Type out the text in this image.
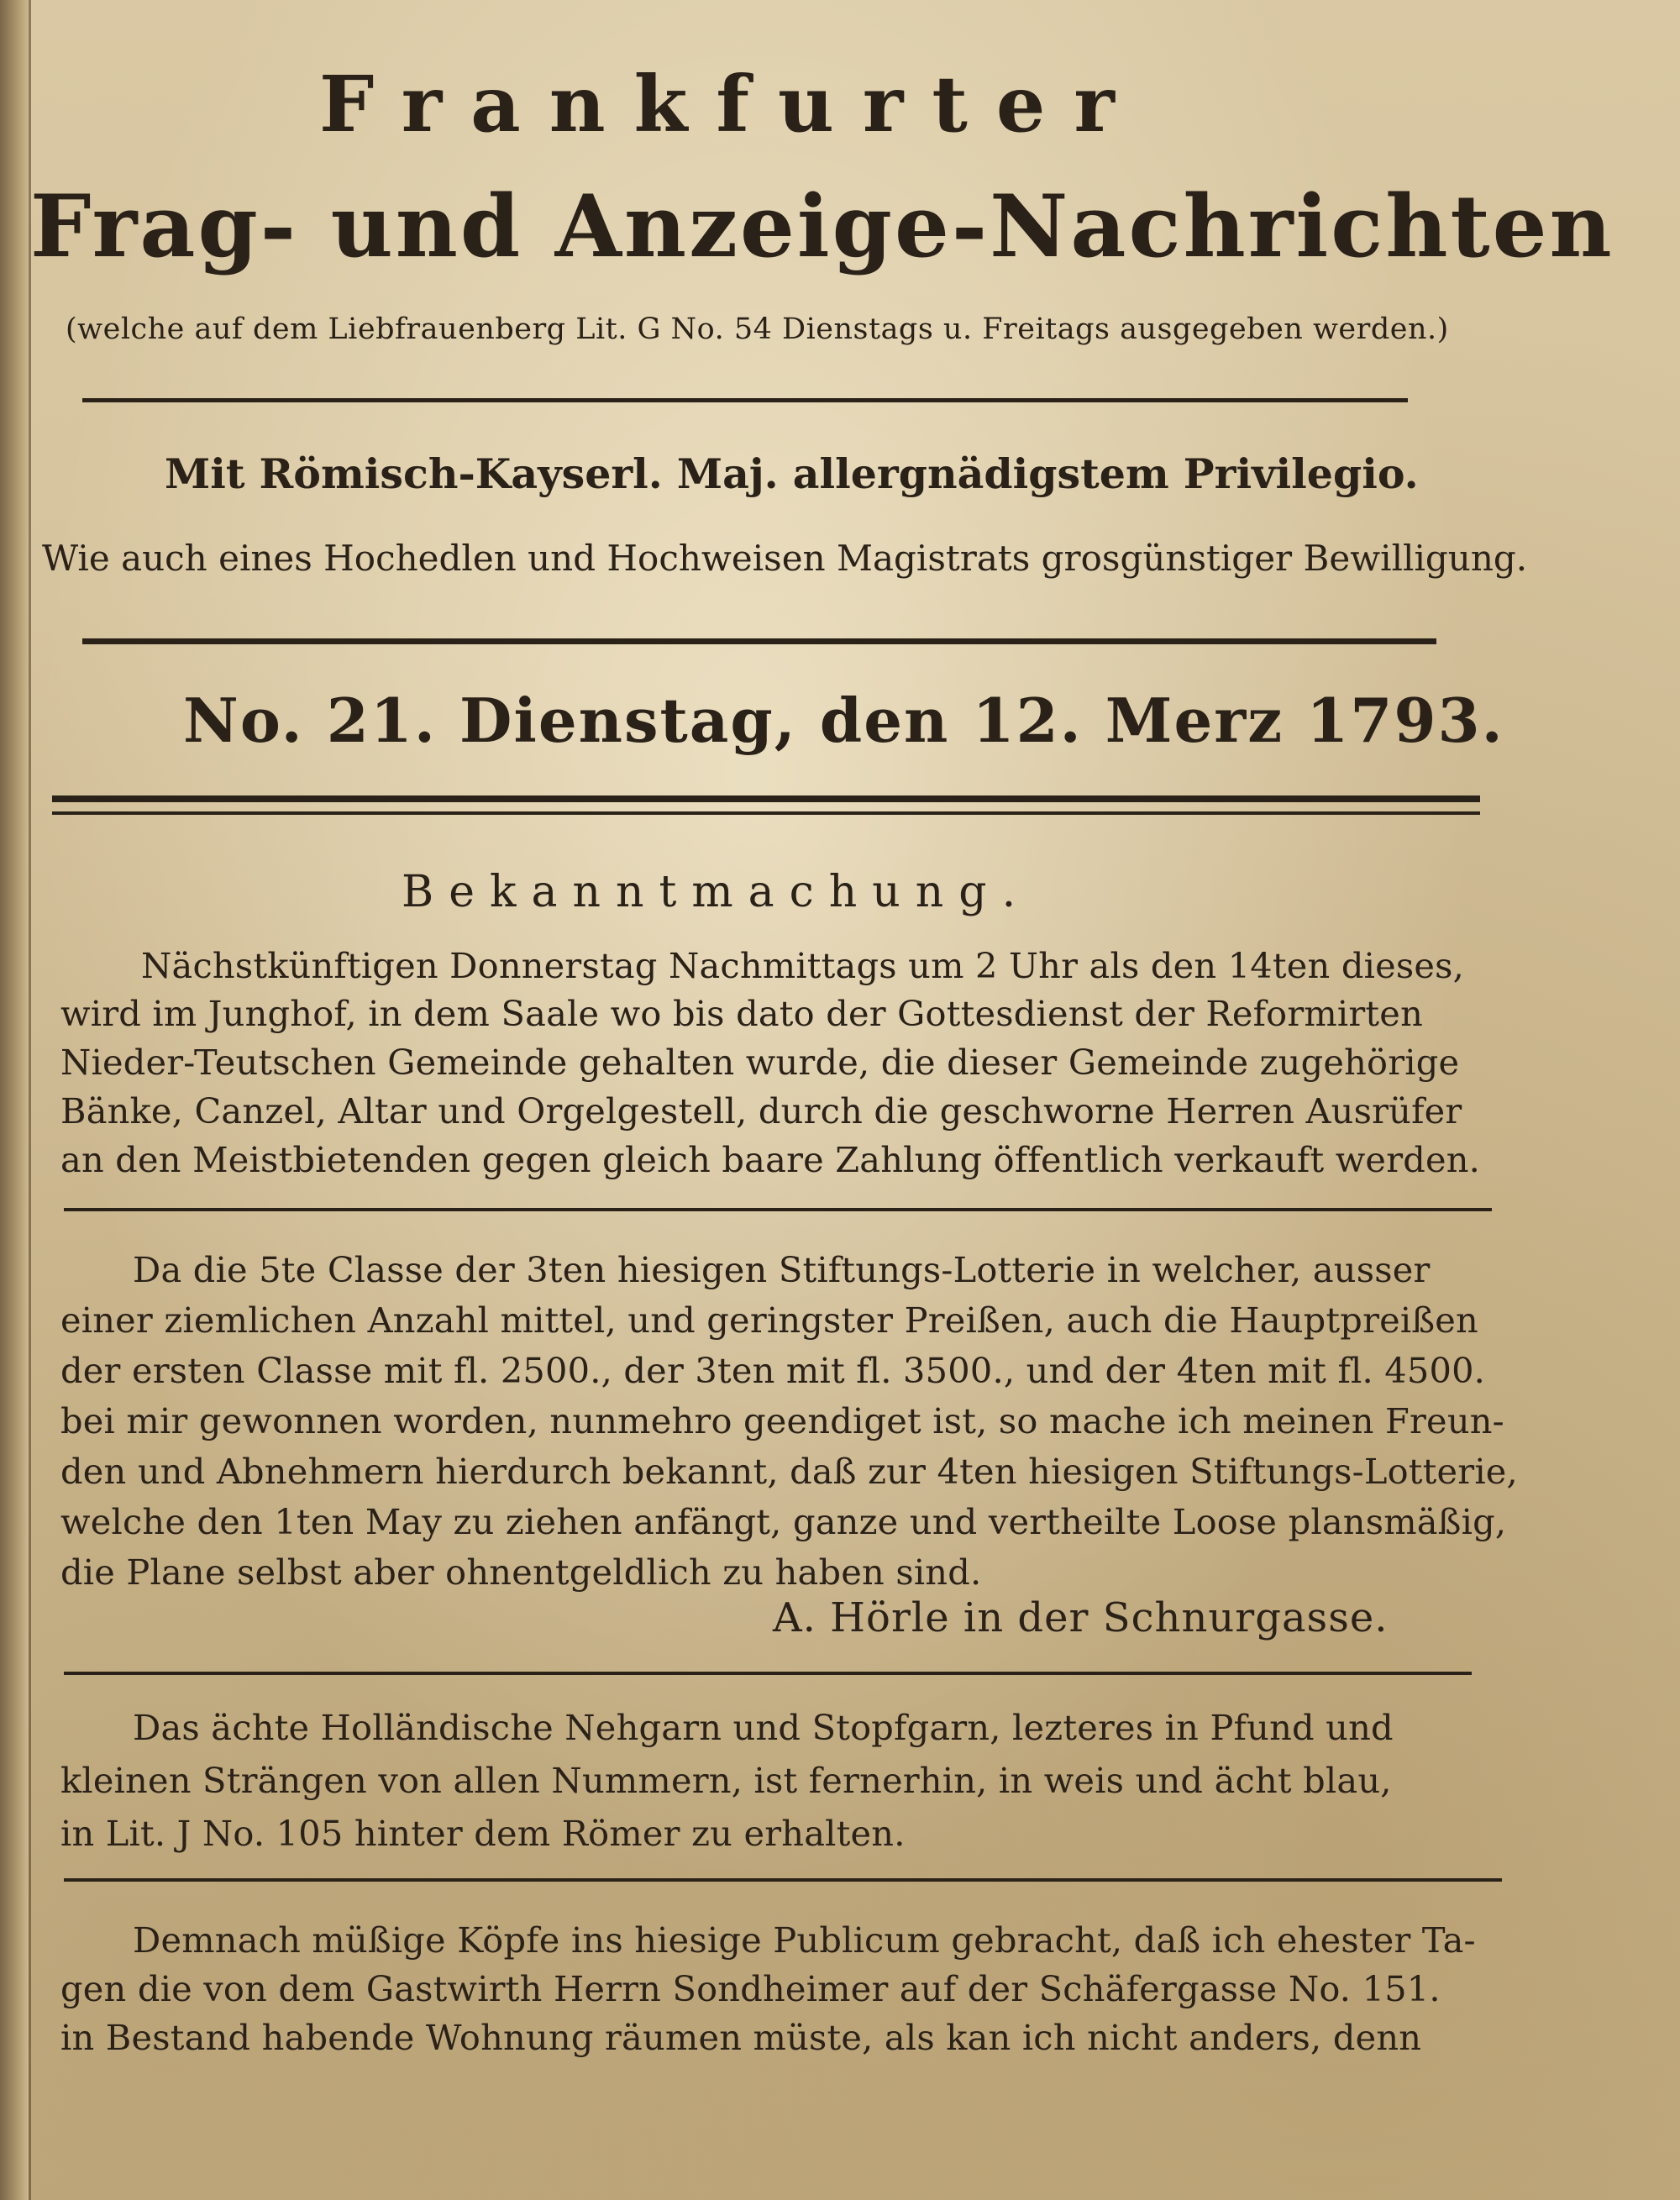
Frankfurter
Frag- und Anzeige-Nachrichten
(welche auf dem Liebfrauenberg Lit. G No. 54 Dienstags u. Freitags ausgegeben werden.)
Mit Römisch-Kayserl. Maj. allergnädigstem Privilegio.
Wie auch eines Hochedlen und Hochweisen Magistrats grosgünstiger Bewilligung.
No. 21. Dienstag, den 12. Merz 1793.
Bekanntmachung.
Nächstkünftigen Donnerstag Nachmittags um 2 Uhr als den 14ten dieses,
wird im Junghof, in dem Saale wo bis dato der Gottesdienst der Reformirten
Nieder-Teutschen Gemeinde gehalten wurde, die dieser Gemeinde zugehörige
Bänke, Canzel, Altar und Orgelgestell, durch die geschworne Herren Ausrüfer
an den Meistbietenden gegen gleich baare Zahlung öffentlich verkauft werden.
Da die 5te Classe der 3ten hiesigen Stiftungs-Lotterie in welcher, ausser
einer ziemlichen Anzahl mittel, und geringster Preißen, auch die Hauptpreißen
der ersten Classe mit fl. 2500., der 3ten mit fl. 3500., und der 4ten mit fl. 4500.
bei mir gewonnen worden, nunmehro geendiget ist, so mache ich meinen Freun-
den und Abnehmern hierdurch bekannt, daß zur 4ten hiesigen Stiftungs-Lotterie,
welche den 1ten May zu ziehen anfängt, ganze und vertheilte Loose plansmäßig,
die Plane selbst aber ohnentgeldlich zu haben sind.
A. Hörle in der Schnurgasse.
Das ächte Holländische Nehgarn und Stopfgarn, lezteres in Pfund und
kleinen Strängen von allen Nummern, ist fernerhin, in weis und ächt blau,
in Lit. J No. 105 hinter dem Römer zu erhalten.
Demnach müßige Köpfe ins hiesige Publicum gebracht, daß ich ehester Ta-
gen die von dem Gastwirth Herrn Sondheimer auf der Schäfergasse No. 151.
in Bestand habende Wohnung räumen müste, als kan ich nicht anders, denn
